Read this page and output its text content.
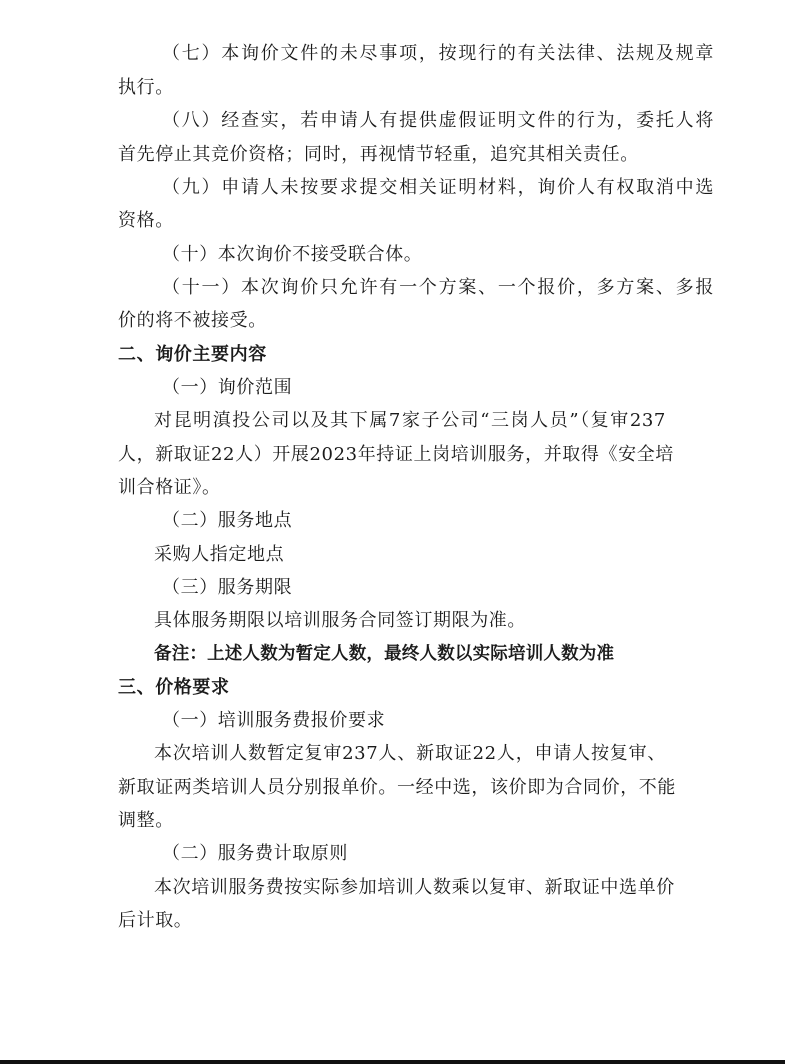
（七）本询价文件的未尽事项，按现行的有关法律、法规及规章
执行。
（八）经查实，若申请人有提供虚假证明文件的行为，委托人将
首先停止其竞价资格；同时，再视情节轻重，追究其相关责任。
（九）申请人未按要求提交相关证明材料，询价人有权取消中选
资格。
（十）本次询价不接受联合体。
（十一）本次询价只允许有一个方案、一个报价，多方案、多报
价的将不被接受。
二、询价主要内容
（一）询价范围
对昆明滇投公司以及其下属7家子公司“三岗人员”（复审237
人，新取证22人）开展2023年持证上岗培训服务，并取得《安全培
训合格证》。
（二）服务地点
采购人指定地点
（三）服务期限
具体服务期限以培训服务合同签订期限为准。
备注：上述人数为暂定人数，最终人数以实际培训人数为准
三、价格要求
（一）培训服务费报价要求
本次培训人数暂定复审237人、新取证22人，申请人按复审、
新取证两类培训人员分别报单价。一经中选，该价即为合同价，不能
调整。
（二）服务费计取原则
本次培训服务费按实际参加培训人数乘以复审、新取证中选单价
后计取。
